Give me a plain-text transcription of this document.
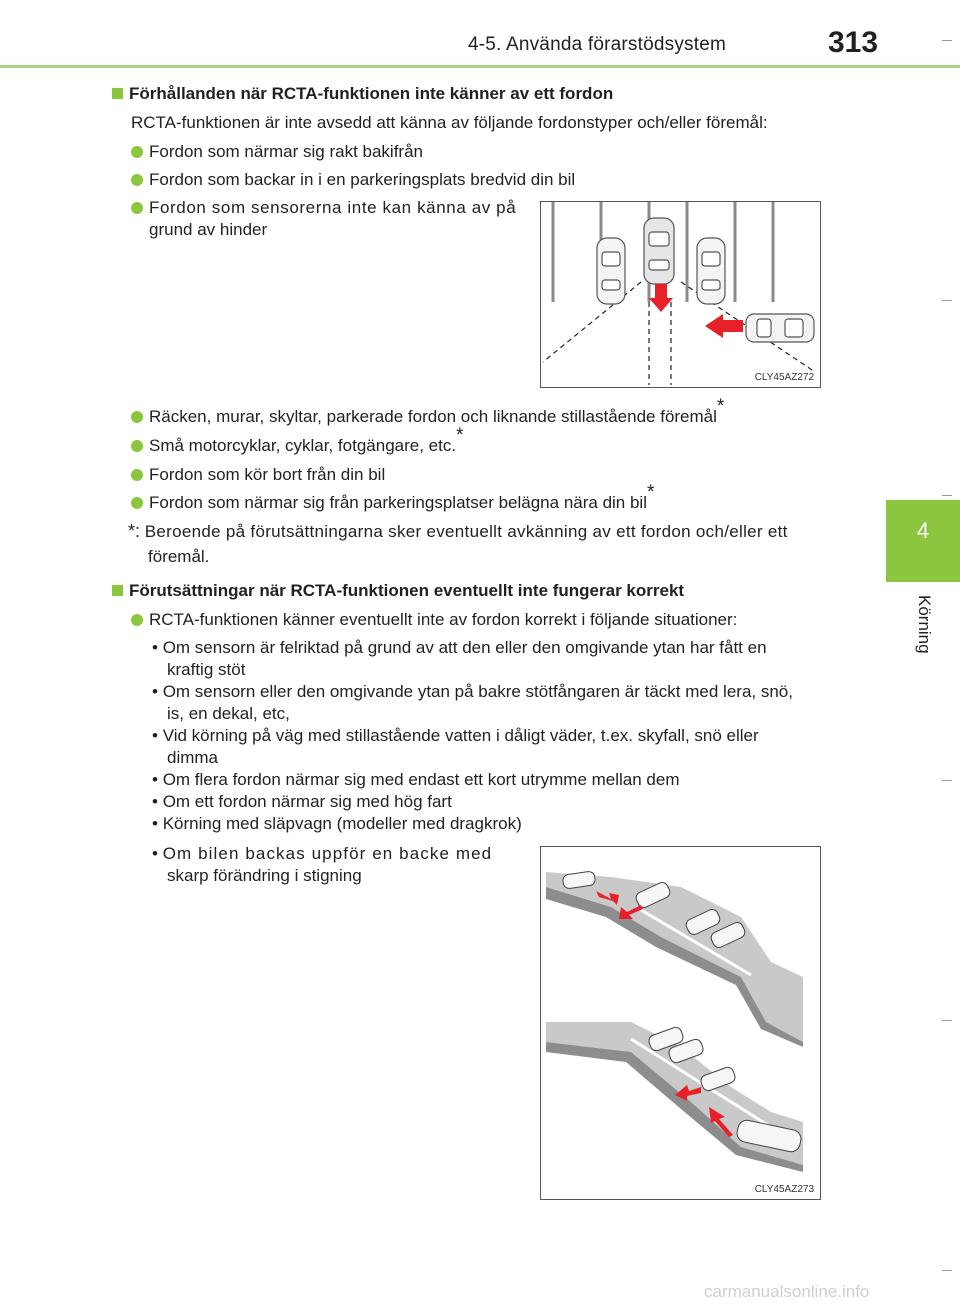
4-5. Använda förarstödsystem	313
4
Körning
Förhållanden när RCTA-funktionen inte känner av ett fordon
RCTA-funktionen är inte avsedd att känna av följande fordonstyper och/eller föremål:
Fordon som närmar sig rakt bakifrån
Fordon som backar in i en parkeringsplats bredvid din bil
Fordon som sensorerna inte kan känna av på
grund av hinder
CLY45AZ272
Räcken, murar, skyltar, parkerade fordon och liknande stillastående föremål*
Små motorcyklar, cyklar, fotgängare, etc.*
Fordon som kör bort från din bil
Fordon som närmar sig från parkeringsplatser belägna nära din bil*
*: Beroende på förutsättningarna sker eventuellt avkänning av ett fordon och/eller ett
föremål.
Förutsättningar när RCTA-funktionen eventuellt inte fungerar korrekt
RCTA-funktionen känner eventuellt inte av fordon korrekt i följande situationer:
• Om sensorn är felriktad på grund av att den eller den omgivande ytan har fått en
kraftig stöt
• Om sensorn eller den omgivande ytan på bakre stötfångaren är täckt med lera, snö,
is, en dekal, etc,
• Vid körning på väg med stillastående vatten i dåligt väder, t.ex. skyfall, snö eller
dimma
• Om flera fordon närmar sig med endast ett kort utrymme mellan dem
• Om ett fordon närmar sig med hög fart
• Körning med släpvagn (modeller med dragkrok)
• Om bilen backas uppför en backe med
skarp förändring i stigning
CLY45AZ273
carmanualsonline.info
